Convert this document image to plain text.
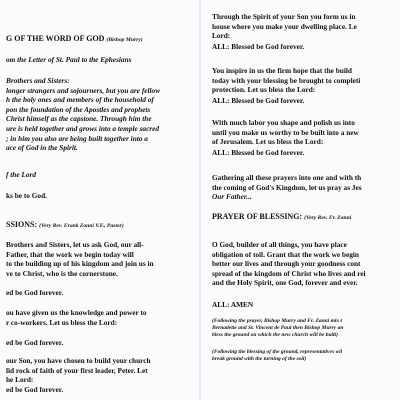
G OF THE WORD OF GOD (Bishop Murry)

om the Letter of St. Paul to the Ephesians

Brothers and Sisters:
longer strangers and sojourners, but you are fellow
h the holy ones and members of the household of
pon the foundation of the Apostles and prophets
Christ himself as the capstone. Through him the
ure is held together and grows into a temple sacred
; in him you also are being built together into a
ace of God in the Spirit.

f the Lord

ks be to God.

SSIONS: (Very Rev. Frank Zanni V.F., Pastor)

Brothers and Sisters, let us ask God, our all-
Father, that the work we begin today will
to the building up of his kingdom and join us in
ve to Christ, who is the cornerstone.

ed be God forever.

ou have given us the knowledge and power to
r co-workers. Let us bless the Lord:

ed be God forever.

our Son, you have chosen to build your church
lid rock of faith of your first leader, Peter. Let
he Lord:

ed be God forever.

Through the Spirit of your Son you form us in
house where you make your dwelling place. Le
Lord:

ALL: Blessed be God forever.

You inspire in us the firm hope that the build
today with your blessing be brought to completi
protection. Let us bless the Lord:

ALL: Blessed be God forever.

With much labor you shape and polish us into
until you make us worthy to be built into a new
of Jerusalem. Let us bless the Lord:

ALL: Blessed be God forever.

Gathering all these prayers into one and with th
the coming of God's Kingdom, let us pray as Jes
Our Father...

PRAYER OF BLESSING: (Very Rev. Fr. Zanni

O God, builder of all things, you have place
obligation of toil. Grant that the work we begin
better our lives and through your goodness cont
spread of the kingdom of Christ who lives and rei
and the Holy Spirit, one God, forever and ever.

ALL: AMEN

(Following the prayer, Bishop Murry and Fr. Zanni mix t
Bernadette and St. Vincent de Paul then Bishop Murry an
bless the ground on which the new church will be built)

(Following the blessing of the ground, representatives wil
break ground with the turning of the soil)
